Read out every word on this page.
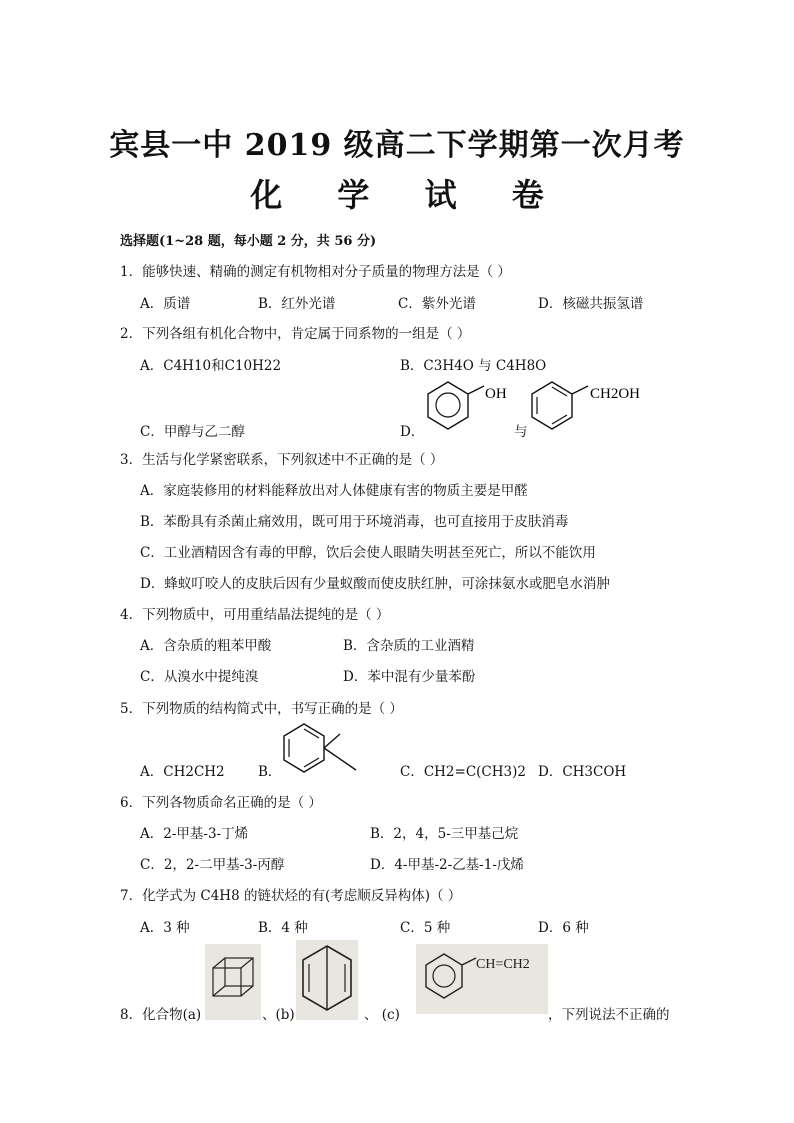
宾县一中 2019 级高二下学期第一次月考
化 学 试 卷
选择题(1~28 题，每小题 2 分，共 56 分)
1．能够快速、精确的测定有机物相对分子质量的物理方法是（ ）
A．质谱	B．红外光谱	C．紫外光谱	D．核磁共振氢谱
2．下列各组有机化合物中，肯定属于同系物的一组是（ ）
A．C4H10和C10H22	B．C3H4O 与 C4H8O
C．甲醇与乙二醇	D．
OH
与
CH2OH
3．生活与化学紧密联系，下列叙述中不正确的是（ ）
A．家庭装修用的材料能释放出对人体健康有害的物质主要是甲醛
B．苯酚具有杀菌止痛效用，既可用于环境消毒，也可直接用于皮肤消毒
C．工业酒精因含有毒的甲醇，饮后会使人眼睛失明甚至死亡，所以不能饮用
D．蜂蚁叮咬人的皮肤后因有少量蚁酸而使皮肤红肿，可涂抹氨水或肥皂水消肿
4．下列物质中，可用重结晶法提纯的是（ ）
A．含杂质的粗苯甲酸	B．含杂质的工业酒精
C．从溴水中提纯溴	D．苯中混有少量苯酚
5．下列物质的结构简式中，书写正确的是（ ）
A．CH2CH2 B．	C．CH2=C(CH3)2 D．CH3COH
6．下列各物质命名正确的是（ ）
A．2-甲基-3-丁烯	B．2，4，5-三甲基己烷
C．2，2-二甲基-3-丙醇	D．4-甲基-2-乙基-1-戊烯
7．化学式为 C4H8 的链状烃的有(考虑顺反异构体)（ ）
A．3 种	B．4 种	C．5 种	D．6 种
8．化合物(a)	、(b)	、 (c)
CH=CH2
，下列说法不正确的
